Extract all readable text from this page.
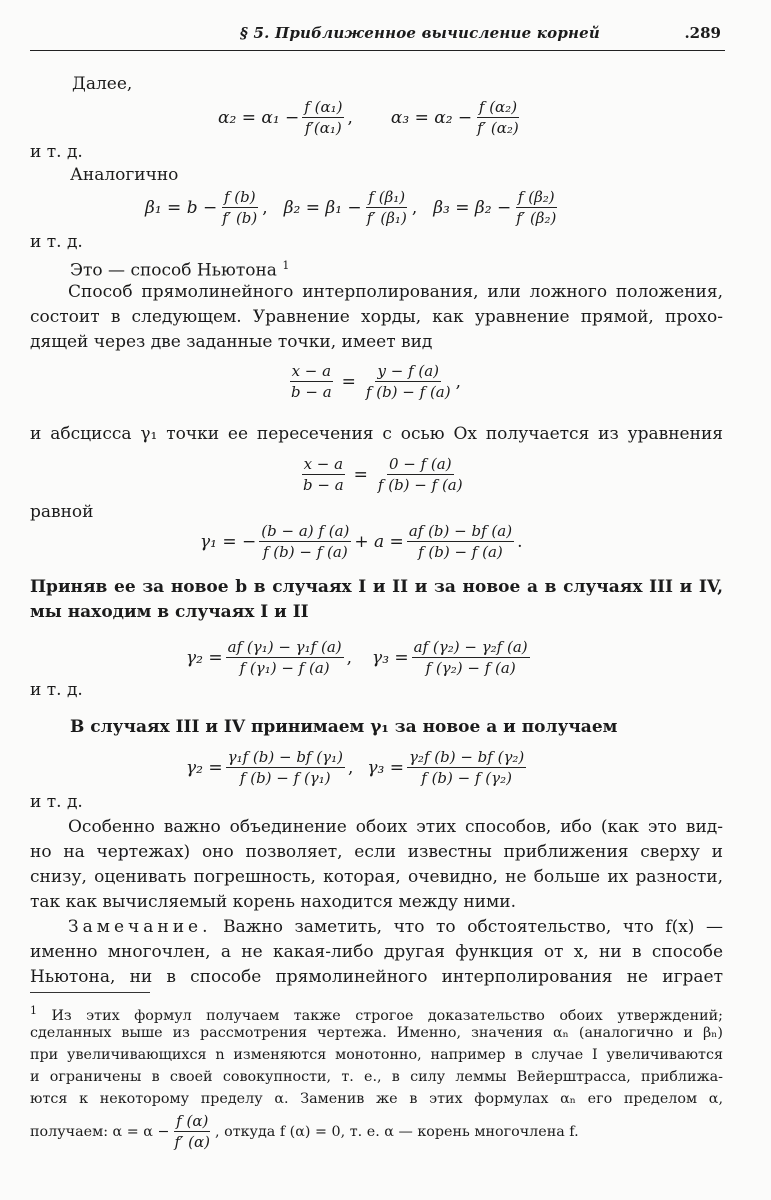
§ 5. Приближенное вычисление корней	.289
Далее,
$\alpha_2 = \alpha_1 - \frac{\text{f (α₁)}}{\text{f′(α₁)}}$ , $\alpha_3 = \alpha_2 - \frac{\text{f (α₂)}}{\text{f′ (α₂)}}$
и т. д.
Аналогично
$\beta_1 = b - \frac{f (b)}{f' (b)}$ , $\beta_2 = \beta_1 - \frac{\text{f (β₁)}}{\text{f′ (β₁)}}$ , $\beta_3 = \beta_2 - \frac{\text{f (β₂)}}{\text{f′ (β₂)}}$
и т. д.
Это — способ Ньютона $^1$
Способ прямолинейного интерполирования, или ложного положения,
состоит в следующем. Уравнение хорды, как уравнение прямой, прохо-
дящей через две заданные точки, имеет вид
$\frac{x - a}{b - a} = \frac{y - f (a)}{f (b) - f (a)}$ ,
и абсцисса γ₁ точки ее пересечения с осью Ox получается из уравнения
$\frac{x - a}{b - a} = \frac{0 - f (a)}{f (b) - f (a)}$
равной
γ₁ = − $\frac{(b - a) f (a)}{f (b) - f (a)} + a = \frac{af (b) - bf (a)}{f (b) - f (a)}$ .
Приняв ее за новое b в случаях I и II и за новое a в случаях III и IV,
мы находим в случаях I и II
$\gamma_2 = \frac{\text{af (γ₁) − γ₁f (a)}}{\text{f (γ₁) − f (a)}}$ , $\gamma_3 = \frac{\text{af (γ₂) − γ₂f (a)}}{\text{f (γ₂) − f (a)}}$
и т. д.
В случаях III и IV принимаем γ₁ за новое a и получаем
$\gamma_2 = \frac{\text{γ₁f (b) − bf (γ₁)}}{\text{f (b) − f (γ₁)}}$ , $\gamma_3 = \frac{\text{γ₂f (b) − bf (γ₂)}}{\text{f (b) − f (γ₂)}}$
и т. д.
Особенно важно объединение обоих этих способов, ибо (как это вид-
но на чертежах) оно позволяет, если известны приближения сверху и
снизу, оценивать погрешность, которая, очевидно, не больше их разности,
так как вычисляемый корень находится между ними.
Замечание. Важно заметить, что то обстоятельство, что f(x) —
именно многочлен, а не какая-либо другая функция от x, ни в способе
Ньютона, ни в способе прямолинейного интерполирования не играет
$^1$ Из этих формул получаем также строгое доказательство обоих утверждений;
сделанных выше из рассмотрения чертежа. Именно, значения αₙ (аналогично и βₙ)
при увеличивающихся n изменяются монотонно, например в случае I увеличиваются
и ограничены в своей совокупности, т. е., в силу леммы Вейерштрасса, приближа-
ются к некоторому пределу α. Заменив же в этих формулах αₙ его пределом α,
получаем: $\alpha = \alpha - \frac{f (\alpha)}{f' (\alpha)}$ , откуда f (α) = 0, т. е. α — корень многочлена f.
